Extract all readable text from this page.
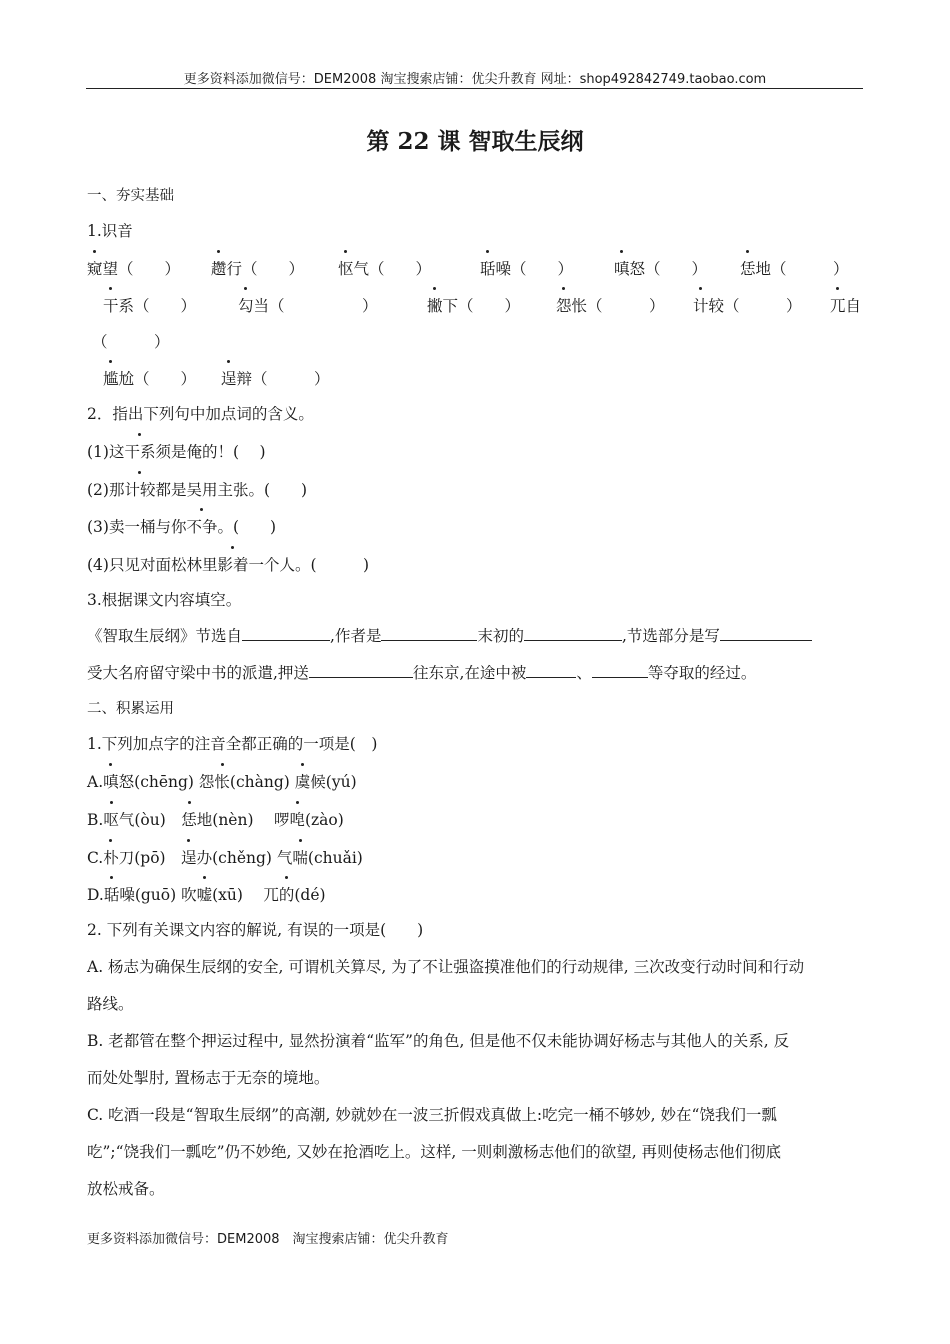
更多资料添加微信号：DEM2008 淘宝搜索店铺：优尖升教育 网址：shop492842749.taobao.com
第 22 课 智取生辰纲
一、夯实基础
1.识音
窥望（　　） 趱行（　　） 怄气（　　）	聒噪（　　）	嗔怒（　　） 恁地（　　　）
干系（　　）	勾当（　　　　　）	撇下（　　） 怨怅（　　　） 计较（　　　） 兀自
（　　　）
尴尬（　　） 逞辩（　　　）
2．指出下列句中加点词的含义。
(1)这干系须是俺的！(　 )
(2)那计较都是吴用主张。(　　)
(3)卖一桶与你不争。(　　)
(4)只见对面松林里影着一个人。(　　　)
3.根据课文内容填空。
《智取生辰纲》节选自	,作者是	末初的	,节选部分是写
受大名府留守梁中书的派遣,押送	往东京,在途中被	、	等夺取的经过。
二、积累运用
1.下列加点字的注音全都正确的一项是(　)
A.嗔怒(chēng) 怨怅(chàng) 虞候(yú)
B.呕气(òu)　恁地(nèn)　 啰唣(zào)
C.朴刀(pō)　逞办(chěng) 气喘(chuǎi)
D.聒噪(guō) 吹嘘(xū)　 兀的(dé)
2. 下列有关课文内容的解说, 有误的一项是(　　)
A. 杨志为确保生辰纲的安全, 可谓机关算尽, 为了不让强盗摸准他们的行动规律, 三次改变行动时间和行动
路线。
B. 老都管在整个押运过程中, 显然扮演着“监军”的角色, 但是他不仅未能协调好杨志与其他人的关系, 反
而处处掣肘, 置杨志于无奈的境地。
C. 吃酒一段是“智取生辰纲”的高潮, 妙就妙在一波三折假戏真做上:吃完一桶不够妙, 妙在“饶我们一瓢
吃”;“饶我们一瓢吃”仍不妙绝, 又妙在抢酒吃上。这样, 一则刺激杨志他们的欲望, 再则使杨志他们彻底
放松戒备。
更多资料添加微信号：DEM2008　淘宝搜索店铺：优尖升教育
